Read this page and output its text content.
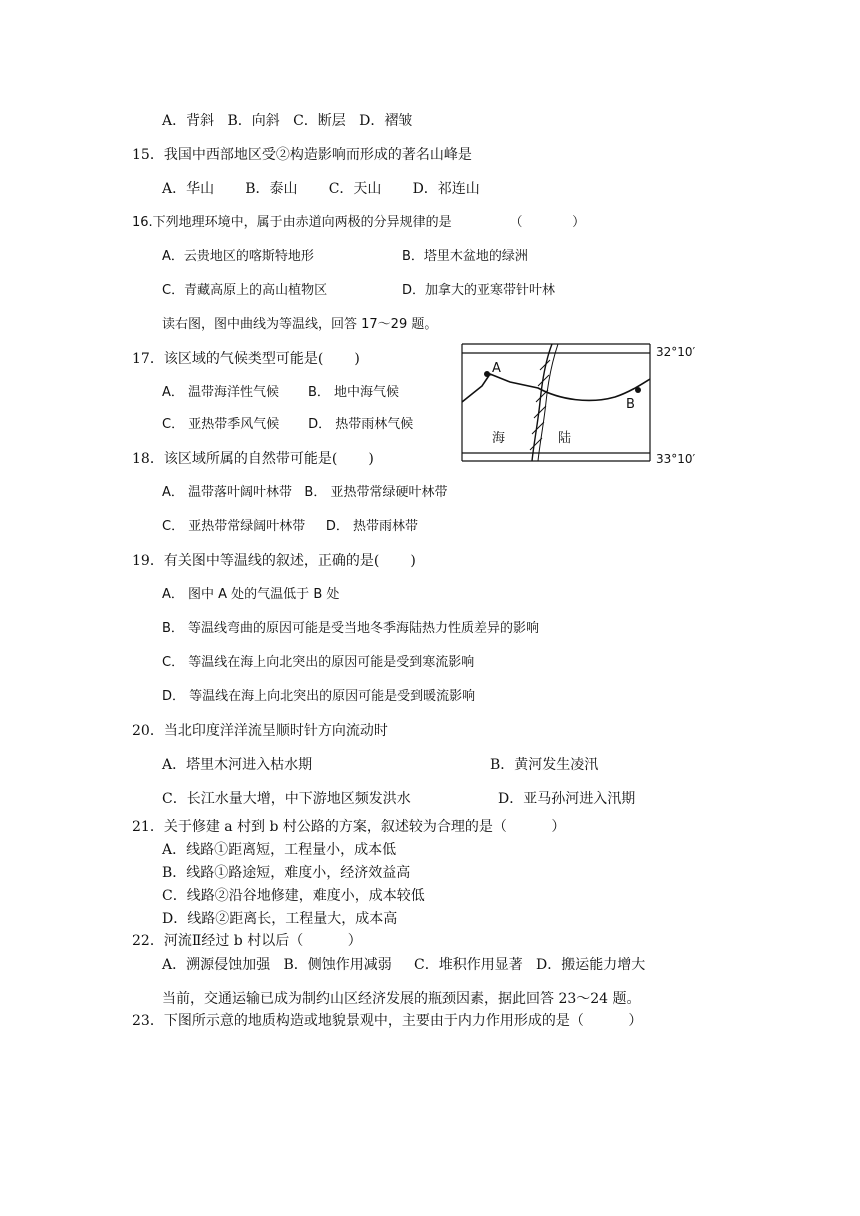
A．背斜   B．向斜   C．断层   D．褶皱
15．我国中西部地区受②构造影响而形成的著名山峰是
A．华山       B．泰山       C．天山       D．祁连山
16.下列地理环境中，属于由赤道向两极的分异规律的是              （            ）
A．云贵地区的喀斯特地形	B．塔里木盆地的绿洲
C．青藏高原上的高山植物区	D．加拿大的亚寒带针叶林
读右图，图中曲线为等温线，回答 17～29 题。
17．该区域的气候类型可能是(       )
A． 温带海洋性气候       B． 地中海气候
C． 亚热带季风气候       D． 热带雨林气候
18．该区域所属的自然带可能是(       )
A． 温带落叶阔叶林带   B． 亚热带常绿硬叶林带
C． 亚热带常绿阔叶林带     D． 热带雨林带
19．有关图中等温线的叙述，正确的是(       )
A． 图中 A 处的气温低于 B 处
B． 等温线弯曲的原因可能是受当地冬季海陆热力性质差异的影响
C． 等温线在海上向北突出的原因可能是受到寒流影响
D． 等温线在海上向北突出的原因可能是受到暖流影响
20．当北印度洋洋流呈顺时针方向流动时
A．塔里木河进入枯水期	B．黄河发生凌汛
C．长江水量大增，中下游地区频发洪水	D．亚马孙河进入汛期
21．关于修建 a 村到 b 村公路的方案，叙述较为合理的是（          ）
A．线路①距离短，工程量小，成本低
B．线路①路途短，难度小，经济效益高
C．线路②沿谷地修建，难度小，成本较低
D．线路②距离长，工程量大，成本高
22．河流Ⅱ经过 b 村以后（          ）
A．溯源侵蚀加强   B．侧蚀作用减弱     C．堆积作用显著   D．搬运能力增大
当前，交通运输已成为制约山区经济发展的瓶颈因素，据此回答 23～24 题。
23．下图所示意的地质构造或地貌景观中，主要由于内力作用形成的是（          ）
32°10′
33°10′
A
B
海	陆
